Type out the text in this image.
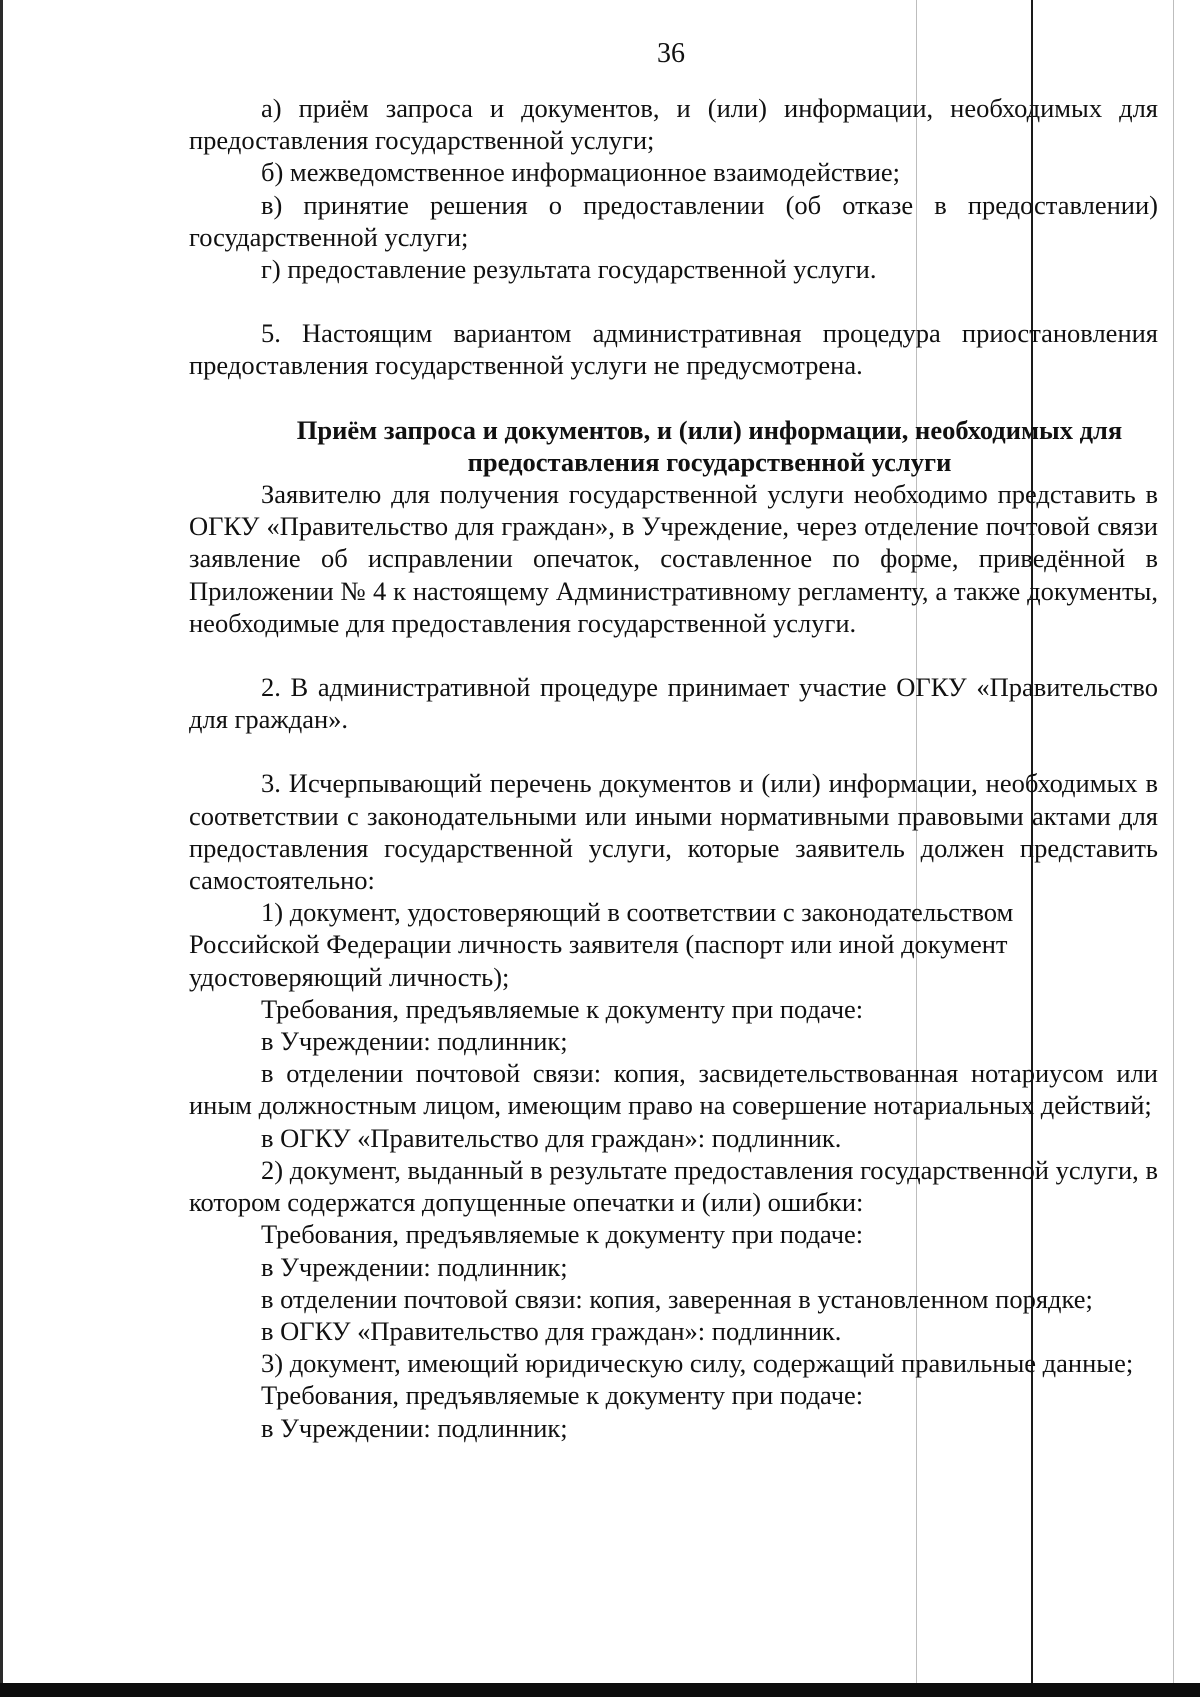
36

а) приём запроса и документов, и (или) информации, необходимых для предоставления государственной услуги;

б) межведомственное информационное взаимодействие;

в) принятие решения о предоставлении (об отказе в предоставлении) государственной услуги;

г) предоставление результата государственной услуги.

5. Настоящим вариантом административная процедура приостановления предоставления государственной услуги не предусмотрена.

Приём запроса и документов, и (или) информации, необходимых для
предоставления государственной услуги

Заявителю для получения государственной услуги необходимо представить в ОГКУ «Правительство для граждан», в Учреждение, через отделение почтовой связи заявление об исправлении опечаток, составленное по форме, приведённой в Приложении № 4 к настоящему Административному регламенту, а также документы, необходимые для предоставления государственной услуги.

2. В административной процедуре принимает участие ОГКУ «Правительство для граждан».

3. Исчерпывающий перечень документов и (или) информации, необходимых в соответствии с законодательными или иными нормативными правовыми актами для предоставления государственной услуги, которые заявитель должен представить самостоятельно:

1) документ, удостоверяющий в соответствии с законодательством

Российской Федерации личность заявителя (паспорт или иной документ

удостоверяющий личность);

Требования, предъявляемые к документу при подаче:

в Учреждении: подлинник;

в отделении почтовой связи: копия, засвидетельствованная нотариусом или иным должностным лицом, имеющим право на совершение нотариальных действий;

в ОГКУ «Правительство для граждан»: подлинник.

2) документ, выданный в результате предоставления государственной услуги, в котором содержатся допущенные опечатки и (или) ошибки:

Требования, предъявляемые к документу при подаче:

в Учреждении: подлинник;

в отделении почтовой связи: копия, заверенная в установленном порядке;

в ОГКУ «Правительство для граждан»: подлинник.

3) документ, имеющий юридическую силу, содержащий правильные данные;

Требования, предъявляемые к документу при подаче:

в Учреждении: подлинник;
